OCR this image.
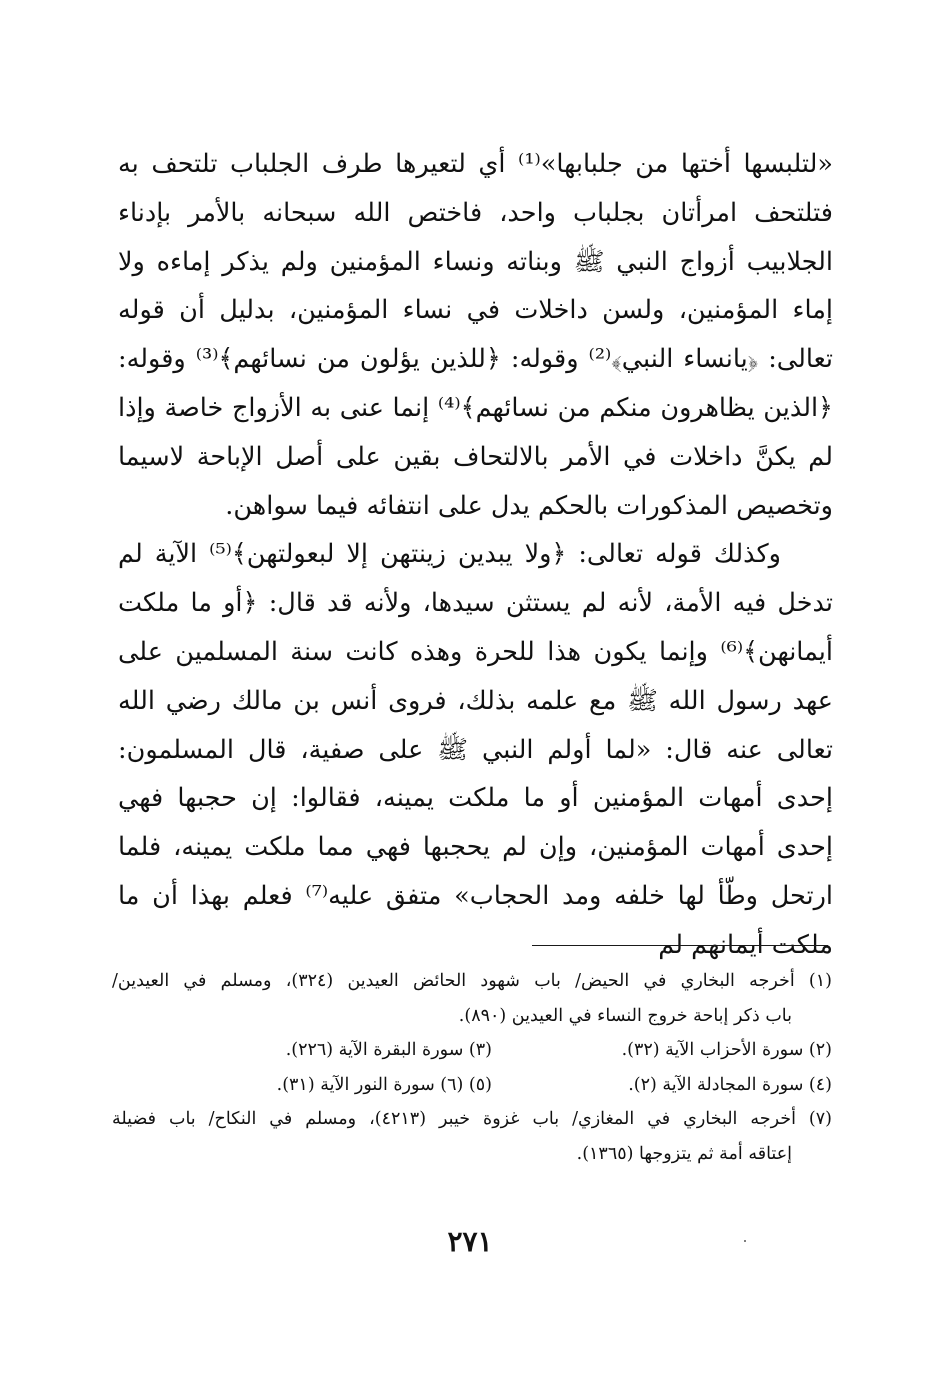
«لتلبسها أختها من جلبابها»⁽¹⁾ أي لتعيرها طرف الجلباب تلتحف به فتلتحف امرأتان بجلباب واحد، فاختص الله سبحانه بالأمر بإدناء الجلابيب أزواج النبي ﷺ وبناته ونساء المؤمنين ولم يذكر إماءه ولا إماء المؤمنين، ولسن داخلات في نساء المؤمنين، بدليل أن قوله تعالى: ﴿يانساء النبي﴾⁽²⁾ وقوله: ﴿للذين يؤلون من نسائهم﴾⁽³⁾ وقوله: ﴿الذين يظاهرون منكم من نسائهم﴾⁽⁴⁾ إنما عنى به الأزواج خاصة وإذا لم يكنَّ داخلات في الأمر بالالتحاف بقين على أصل الإباحة لاسيما وتخصيص المذكورات بالحكم يدل على انتفائه فيما سواهن.

وكذلك قوله تعالى: ﴿ولا يبدين زينتهن إلا لبعولتهن﴾⁽⁵⁾ الآية لم تدخل فيه الأمة، لأنه لم يستثن سيدها، ولأنه قد قال: ﴿أو ما ملكت أيمانهن﴾⁽⁶⁾ وإنما يكون هذا للحرة وهذه كانت سنة المسلمين على عهد رسول الله ﷺ مع علمه بذلك، فروى أنس بن مالك رضي الله تعالى عنه قال: «لما أولم النبي ﷺ على صفية، قال المسلمون: إحدى أمهات المؤمنين أو ما ملكت يمينه، فقالوا: إن حجبها فهي إحدى أمهات المؤمنين، وإن لم يحجبها فهي مما ملكت يمينه، فلما ارتحل وطّأ لها خلفه ومد الحجاب» متفق عليه⁽⁷⁾ فعلم بهذا أن ما ملكت أيمانهم لم

(١) أخرجه البخاري في الحيض/ باب شهود الحائض العيدين (٣٢٤)، ومسلم في العيدين/
باب ذكر إباحة خروج النساء في العيدين (٨٩٠).
(٢) سورة الأحزاب الآية (٣٢).
(٣) سورة البقرة الآية (٢٢٦).
(٤) سورة المجادلة الآية (٢).
(٥) (٦) سورة النور الآية (٣١).
(٧) أخرجه البخاري في المغازي/ باب غزوة خيبر (٤٢١٣)، ومسلم في النكاح/ باب فضيلة
إعتاقه أمة ثم يتزوجها (١٣٦٥).
٢٧١
